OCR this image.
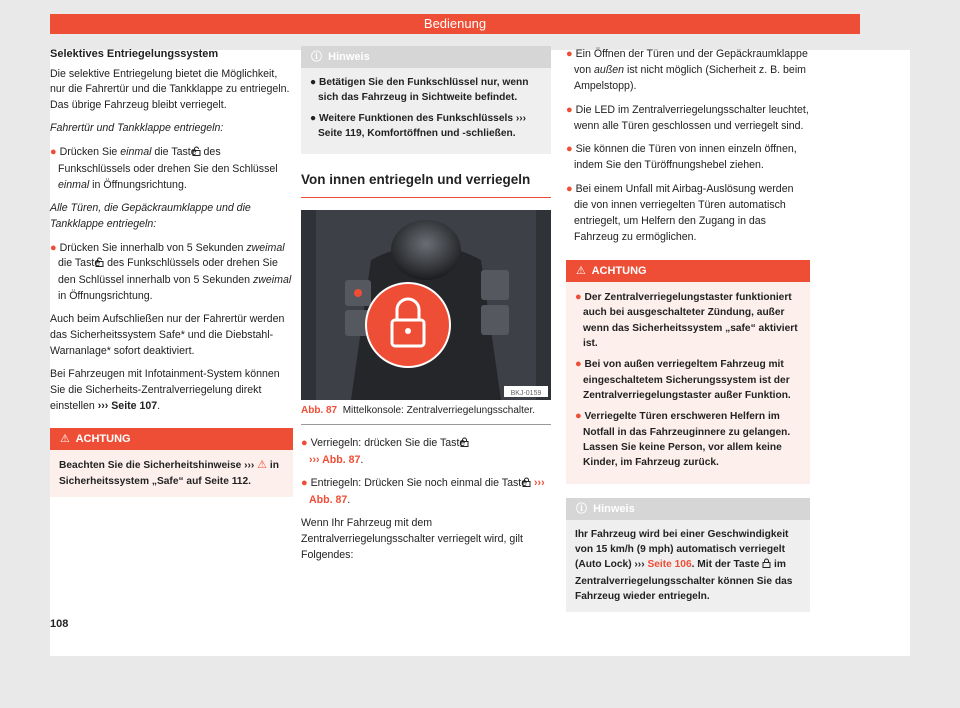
Bedienung
Selektives Entriegelungssystem

Die selektive Entriegelung bietet die Möglichkeit, nur die Fahrertür und die Tankklappe zu entriegeln. Das übrige Fahrzeug bleibt verriegelt.

Fahrertür und Tankklappe entriegeln:

● Drücken Sie einmal die Taste  des Funkschlüssels oder drehen Sie den Schlüssel einmal in Öffnungsrichtung.

Alle Türen, die Gepäckraumklappe und die Tankklappe entriegeln:

● Drücken Sie innerhalb von 5 Sekunden zweimal die Taste  des Funkschlüssels oder drehen Sie den Schlüssel innerhalb von 5 Sekunden zweimal in Öffnungsrichtung.

Auch beim Aufschließen nur der Fahrertür werden das Sicherheitssystem Safe* und die Diebstahl-Warnanlage* sofort deaktiviert.

Bei Fahrzeugen mit Infotainment-System können Sie die Sicherheits-Zentralverriegelung direkt einstellen ››› Seite 107.

⚠ ACHTUNG
Beachten Sie die Sicherheitshinweise ››› ⚠ in Sicherheitssystem „Safe“ auf Seite 112.
ⓘ Hinweis

● Betätigen Sie den Funkschlüssel nur, wenn sich das Fahrzeug in Sichtweite befindet.

● Weitere Funktionen des Funkschlüssels ››› Seite 119, Komfortöffnen und -schließen.

Von innen entriegeln und verriegeln
BKJ-0159
Abb. 87 Mittelkonsole: Zentralverriegelungsschalter.

● Verriegeln: drücken Sie die Taste
››› Abb. 87.

● Entriegeln: Drücken Sie noch einmal die Taste  ››› Abb. 87.

Wenn Ihr Fahrzeug mit dem Zentralverriegelungsschalter verriegelt wird, gilt Folgendes:

● Ein Öffnen der Türen und der Gepäckraumklappe von außen ist nicht möglich (Sicherheit z. B. beim Ampelstopp).

● Die LED im Zentralverriegelungsschalter leuchtet, wenn alle Türen geschlossen und verriegelt sind.

● Sie können die Türen von innen einzeln öffnen, indem Sie den Türöffnungshebel ziehen.

● Bei einem Unfall mit Airbag-Auslösung werden die von innen verriegelten Türen automatisch entriegelt, um Helfern den Zugang in das Fahrzeug zu ermöglichen.

⚠ ACHTUNG

● Der Zentralverriegelungstaster funktioniert auch bei ausgeschalteter Zündung, außer wenn das Sicherheitssystem „safe“ aktiviert ist.

● Bei von außen verriegeltem Fahrzeug mit eingeschaltetem Sicherungssystem ist der Zentralverriegelungstaster außer Funktion.

● Verriegelte Türen erschweren Helfern im Notfall in das Fahrzeuginnere zu gelangen. Lassen Sie keine Person, vor allem keine Kinder, im Fahrzeug zurück.

ⓘ Hinweis
Ihr Fahrzeug wird bei einer Geschwindigkeit von 15 km/h (9 mph) automatisch verriegelt (Auto Lock) ››› Seite 106. Mit der Taste  im Zentralverriegelungsschalter können Sie das Fahrzeug wieder entriegeln.
108
